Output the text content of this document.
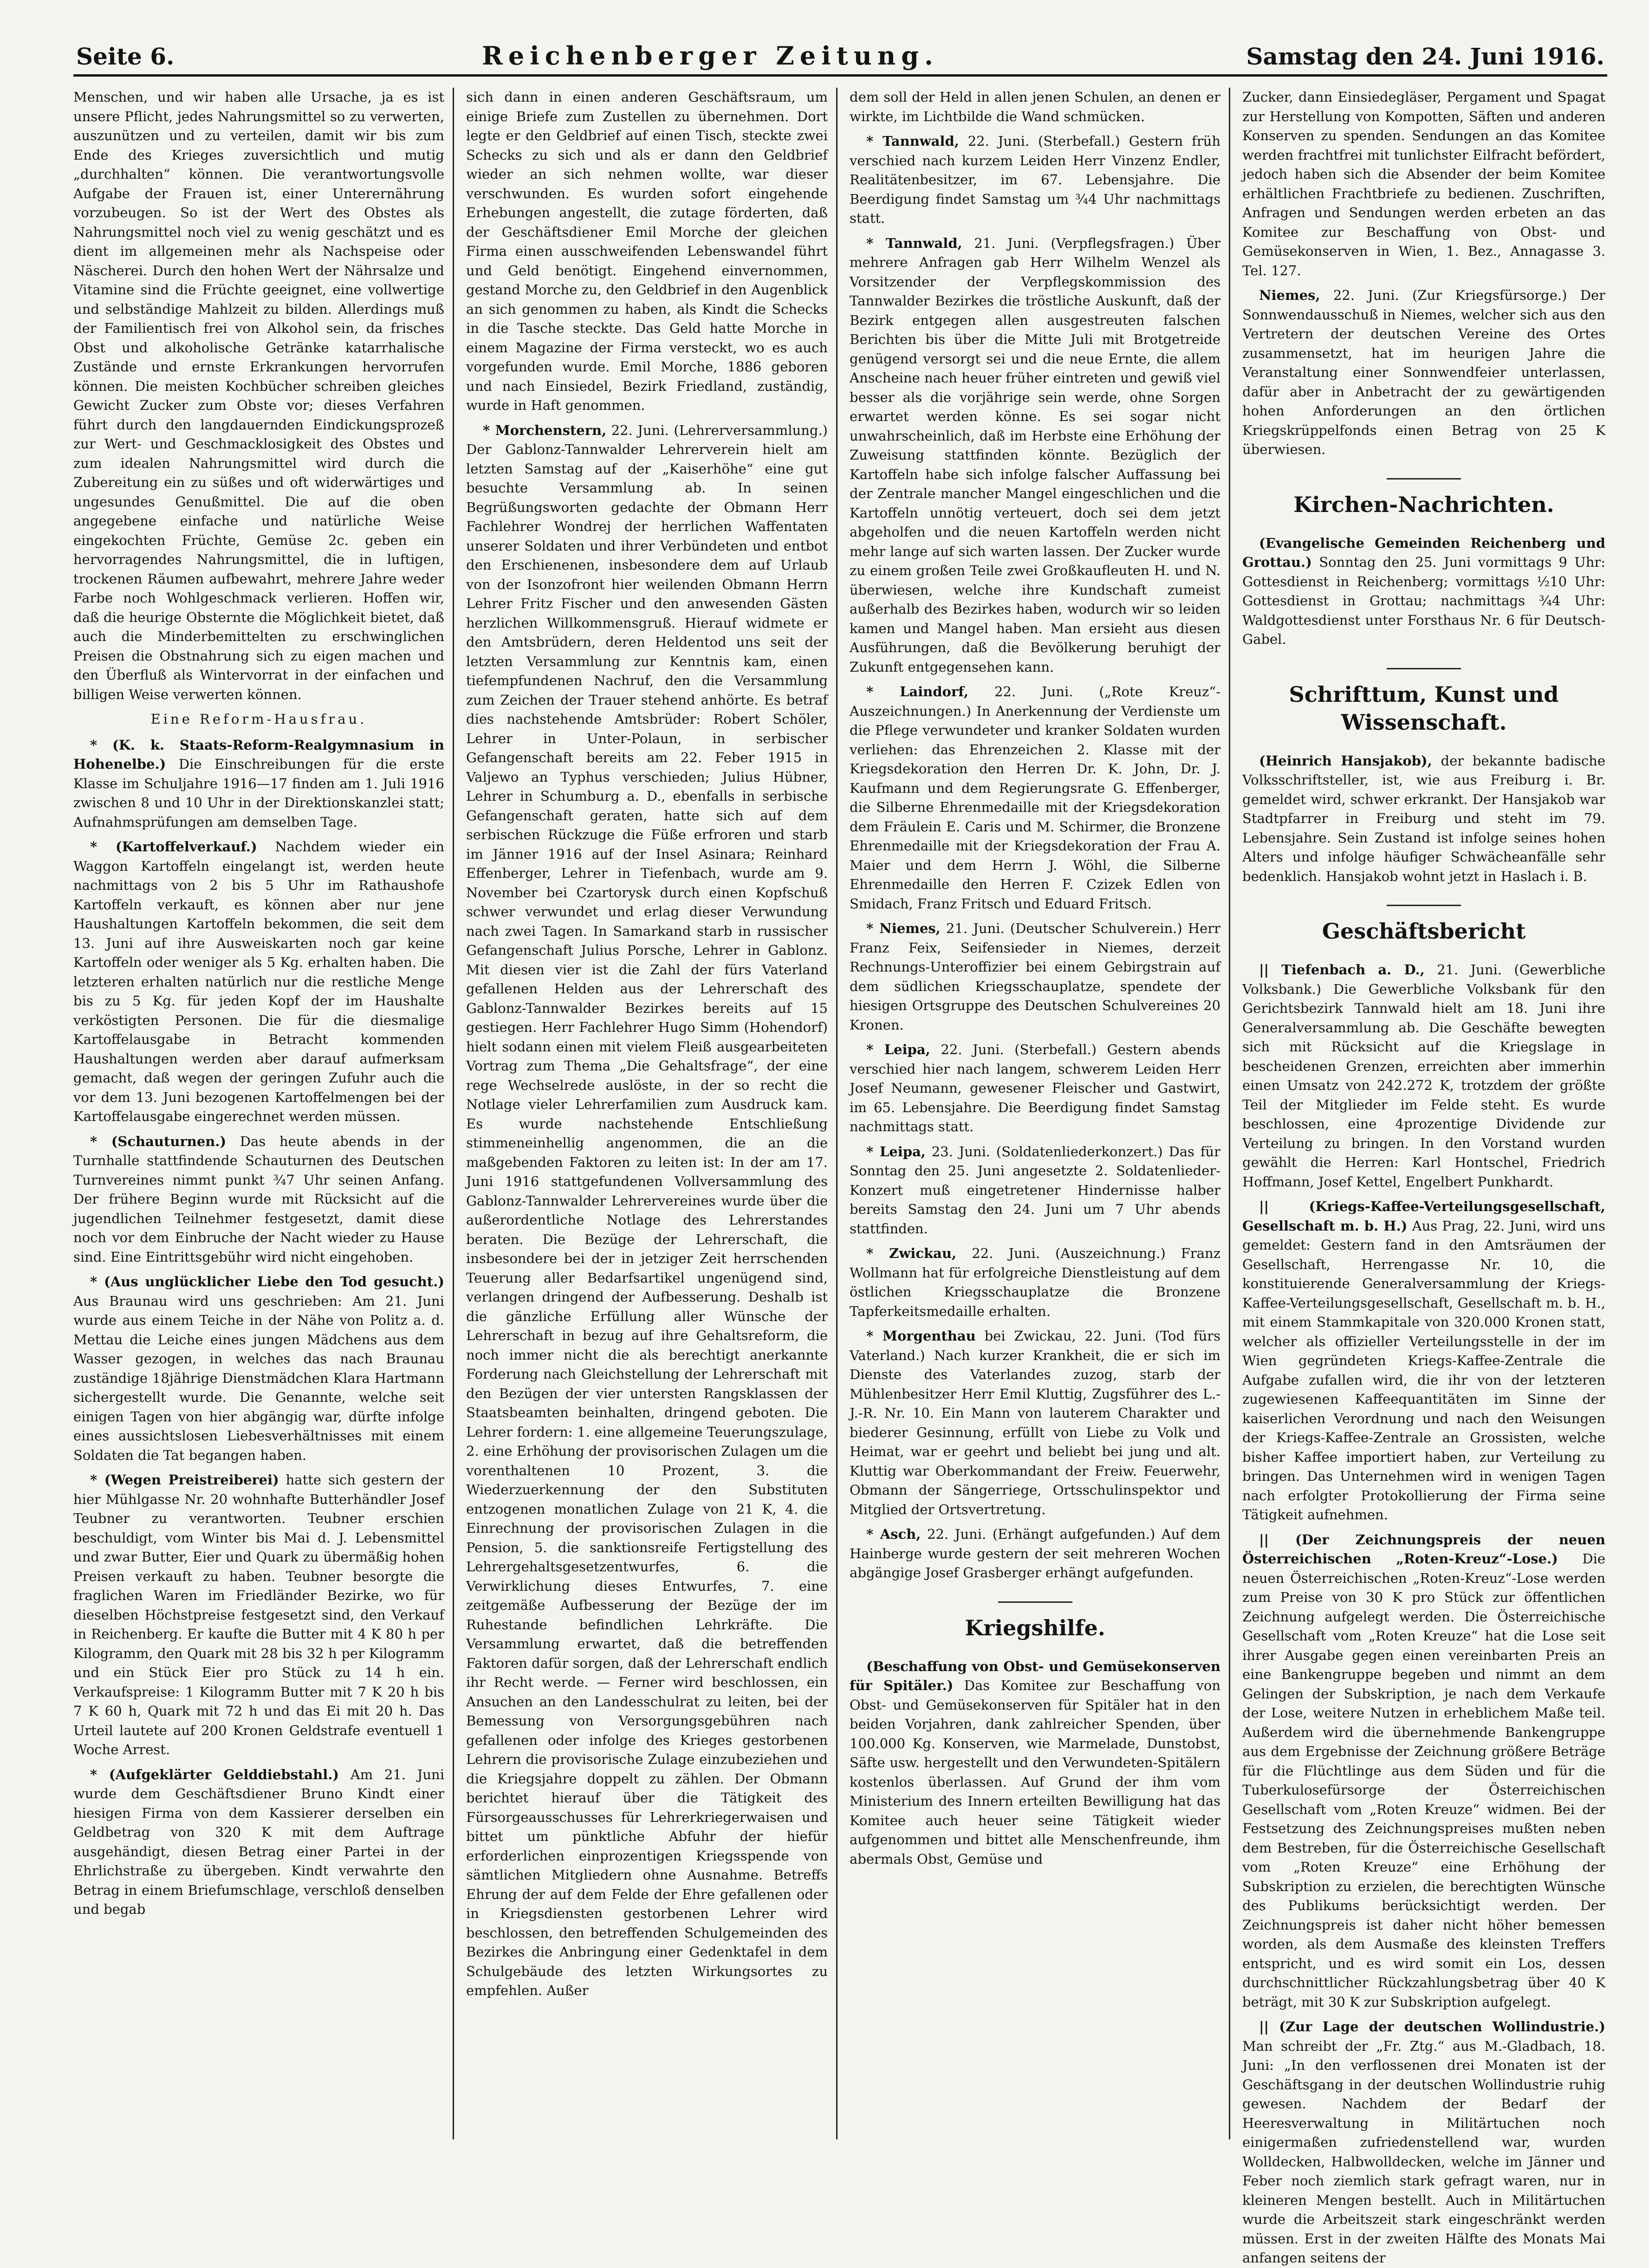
Seite 6.	Reichenberger Zeitung.	Samstag den 24. Juni 1916.

Menschen, und wir haben alle Ursache, ja es ist unsere Pflicht, jedes Nahrungsmittel so zu verwerten, auszunützen und zu verteilen, damit wir bis zum Ende des Krieges zuversichtlich und mutig „durchhalten“ können. Die verantwortungsvolle Aufgabe der Frauen ist, einer Unterernährung vorzubeugen. So ist der Wert des Obstes als Nahrungsmittel noch viel zu wenig geschätzt und es dient im allgemeinen mehr als Nachspeise oder Näscherei. Durch den hohen Wert der Nährsalze und Vitamine sind die Früchte geeignet, eine vollwertige und selbständige Mahlzeit zu bilden. Allerdings muß der Familientisch frei von Alkohol sein, da frisches Obst und alkoholische Getränke katarrhalische Zustände und ernste Erkrankungen hervorrufen können. Die meisten Kochbücher schreiben gleiches Gewicht Zucker zum Obste vor; dieses Verfahren führt durch den langdauernden Eindickungsprozeß zur Wert- und Geschmacklosigkeit des Obstes und zum idealen Nahrungsmittel wird durch die Zubereitung ein zu süßes und oft widerwärtiges und ungesundes Genußmittel. Die auf die oben angegebene einfache und natürliche Weise eingekochten Früchte, Gemüse 2c. geben ein hervorragendes Nahrungsmittel, die in luftigen, trockenen Räumen aufbewahrt, mehrere Jahre weder Farbe noch Wohlgeschmack verlieren. Hoffen wir, daß die heurige Obsternte die Möglichkeit bietet, daß auch die Minderbemittelten zu erschwinglichen Preisen die Obstnahrung sich zu eigen machen und den Überfluß als Wintervorrat in der einfachen und billigen Weise verwerten können.

Eine Reform-Hausfrau.

* (K. k. Staats-Reform-Realgymnasium in Hohenelbe.) Die Einschreibungen für die erste Klasse im Schuljahre 1916—17 finden am 1. Juli 1916 zwischen 8 und 10 Uhr in der Direktionskanzlei statt; Aufnahmsprüfungen am demselben Tage.

* (Kartoffelverkauf.) Nachdem wieder ein Waggon Kartoffeln eingelangt ist, werden heute nachmittags von 2 bis 5 Uhr im Rathaushofe Kartoffeln verkauft, es können aber nur jene Haushaltungen Kartoffeln bekommen, die seit dem 13. Juni auf ihre Ausweiskarten noch gar keine Kartoffeln oder weniger als 5 Kg. erhalten haben. Die letzteren erhalten natürlich nur die restliche Menge bis zu 5 Kg. für jeden Kopf der im Haushalte verköstigten Personen. Die für die diesmalige Kartoffelausgabe in Betracht kommenden Haushaltungen werden aber darauf aufmerksam gemacht, daß wegen der geringen Zufuhr auch die vor dem 13. Juni bezogenen Kartoffelmengen bei der Kartoffelausgabe eingerechnet werden müssen.

* (Schauturnen.) Das heute abends in der Turnhalle stattfindende Schauturnen des Deutschen Turnvereines nimmt punkt ¾7 Uhr seinen Anfang. Der frühere Beginn wurde mit Rücksicht auf die jugendlichen Teilnehmer festgesetzt, damit diese noch vor dem Einbruche der Nacht wieder zu Hause sind. Eine Eintrittsgebühr wird nicht eingehoben.

* (Aus unglücklicher Liebe den Tod gesucht.) Aus Braunau wird uns geschrieben: Am 21. Juni wurde aus einem Teiche in der Nähe von Politz a. d. Mettau die Leiche eines jungen Mädchens aus dem Wasser gezogen, in welches das nach Braunau zuständige 18jährige Dienstmädchen Klara Hartmann sichergestellt wurde. Die Genannte, welche seit einigen Tagen von hier abgängig war, dürfte infolge eines aussichtslosen Liebesverhältnisses mit einem Soldaten die Tat begangen haben.

* (Wegen Preistreiberei) hatte sich gestern der hier Mühlgasse Nr. 20 wohnhafte Butterhändler Josef Teubner zu verantworten. Teubner erschien beschuldigt, vom Winter bis Mai d. J. Lebensmittel und zwar Butter, Eier und Quark zu übermäßig hohen Preisen verkauft zu haben. Teubner besorgte die fraglichen Waren im Friedländer Bezirke, wo für dieselben Höchstpreise festgesetzt sind, den Verkauf in Reichenberg. Er kaufte die Butter mit 4 K 80 h per Kilogramm, den Quark mit 28 bis 32 h per Kilogramm und ein Stück Eier pro Stück zu 14 h ein. Verkaufspreise: 1 Kilogramm Butter mit 7 K 20 h bis 7 K 60 h, Quark mit 72 h und das Ei mit 20 h. Das Urteil lautete auf 200 Kronen Geldstrafe eventuell 1 Woche Arrest.

* (Aufgeklärter Gelddiebstahl.) Am 21. Juni wurde dem Geschäftsdiener Bruno Kindt einer hiesigen Firma von dem Kassierer derselben ein Geldbetrag von 320 K mit dem Auftrage ausgehändigt, diesen Betrag einer Partei in der Ehrlichstraße zu übergeben. Kindt verwahrte den Betrag in einem Briefumschlage, verschloß denselben und begab

sich dann in einen anderen Geschäftsraum, um einige Briefe zum Zustellen zu übernehmen. Dort legte er den Geldbrief auf einen Tisch, steckte zwei Schecks zu sich und als er dann den Geldbrief wieder an sich nehmen wollte, war dieser verschwunden. Es wurden sofort eingehende Erhebungen angestellt, die zutage förderten, daß der Geschäftsdiener Emil Morche der gleichen Firma einen ausschweifenden Lebenswandel führt und Geld benötigt. Eingehend einvernommen, gestand Morche zu, den Geldbrief in den Augenblick an sich genommen zu haben, als Kindt die Schecks in die Tasche steckte. Das Geld hatte Morche in einem Magazine der Firma versteckt, wo es auch vorgefunden wurde. Emil Morche, 1886 geboren und nach Einsiedel, Bezirk Friedland, zuständig, wurde in Haft genommen.

* Morchenstern, 22. Juni. (Lehrerversammlung.) Der Gablonz-Tannwalder Lehrerverein hielt am letzten Samstag auf der „Kaiserhöhe“ eine gut besuchte Versammlung ab. In seinen Begrüßungsworten gedachte der Obmann Herr Fachlehrer Wondrej der herrlichen Waffentaten unserer Soldaten und ihrer Verbündeten und entbot den Erschienenen, insbesondere dem auf Urlaub von der Isonzofront hier weilenden Obmann Herrn Lehrer Fritz Fischer und den anwesenden Gästen herzlichen Willkommensgruß. Hierauf widmete er den Amtsbrüdern, deren Heldentod uns seit der letzten Versammlung zur Kenntnis kam, einen tiefempfundenen Nachruf, den die Versammlung zum Zeichen der Trauer stehend anhörte. Es betraf dies nachstehende Amtsbrüder: Robert Schöler, Lehrer in Unter-Polaun, in serbischer Gefangenschaft bereits am 22. Feber 1915 in Valjewo an Typhus verschieden; Julius Hübner, Lehrer in Schumburg a. D., ebenfalls in serbische Gefangenschaft geraten, hatte sich auf dem serbischen Rückzuge die Füße erfroren und starb im Jänner 1916 auf der Insel Asinara; Reinhard Effenberger, Lehrer in Tiefenbach, wurde am 9. November bei Czartorysk durch einen Kopfschuß schwer verwundet und erlag dieser Verwundung nach zwei Tagen. In Samarkand starb in russischer Gefangenschaft Julius Porsche, Lehrer in Gablonz. Mit diesen vier ist die Zahl der fürs Vaterland gefallenen Helden aus der Lehrerschaft des Gablonz-Tannwalder Bezirkes bereits auf 15 gestiegen. Herr Fachlehrer Hugo Simm (Hohendorf) hielt sodann einen mit vielem Fleiß ausgearbeiteten Vortrag zum Thema „Die Gehaltsfrage“, der eine rege Wechselrede auslöste, in der so recht die Notlage vieler Lehrerfamilien zum Ausdruck kam. Es wurde nachstehende Entschließung stimmeneinhellig angenommen, die an die maßgebenden Faktoren zu leiten ist: In der am 17. Juni 1916 stattgefundenen Vollversammlung des Gablonz-Tannwalder Lehrervereines wurde über die außerordentliche Notlage des Lehrerstandes beraten. Die Bezüge der Lehrerschaft, die insbesondere bei der in jetziger Zeit herrschenden Teuerung aller Bedarfsartikel ungenügend sind, verlangen dringend der Aufbesserung. Deshalb ist die gänzliche Erfüllung aller Wünsche der Lehrerschaft in bezug auf ihre Gehaltsreform, die noch immer nicht die als berechtigt anerkannte Forderung nach Gleichstellung der Lehrerschaft mit den Bezügen der vier untersten Rangsklassen der Staatsbeamten beinhalten, dringend geboten. Die Lehrer fordern: 1. eine allgemeine Teuerungszulage, 2. eine Erhöhung der provisorischen Zulagen um die vorenthaltenen 10 Prozent, 3. die Wiederzuerkennung der den Substituten entzogenen monatlichen Zulage von 21 K, 4. die Einrechnung der provisorischen Zulagen in die Pension, 5. die sanktionsreife Fertigstellung des Lehrergehaltsgesetzentwurfes, 6. die Verwirklichung dieses Entwurfes, 7. eine zeitgemäße Aufbesserung der Bezüge der im Ruhestande befindlichen Lehrkräfte. Die Versammlung erwartet, daß die betreffenden Faktoren dafür sorgen, daß der Lehrerschaft endlich ihr Recht werde. — Ferner wird beschlossen, ein Ansuchen an den Landesschulrat zu leiten, bei der Bemessung von Versorgungsgebühren nach gefallenen oder infolge des Krieges gestorbenen Lehrern die provisorische Zulage einzubeziehen und die Kriegsjahre doppelt zu zählen. Der Obmann berichtet hierauf über die Tätigkeit des Fürsorgeausschusses für Lehrerkriegerwaisen und bittet um pünktliche Abfuhr der hiefür erforderlichen einprozentigen Kriegsspende von sämtlichen Mitgliedern ohne Ausnahme. Betreffs Ehrung der auf dem Felde der Ehre gefallenen oder in Kriegsdiensten gestorbenen Lehrer wird beschlossen, den betreffenden Schulgemeinden des Bezirkes die Anbringung einer Gedenktafel in dem Schulgebäude des letzten Wirkungsortes zu empfehlen. Außer

dem soll der Held in allen jenen Schulen, an denen er wirkte, im Lichtbilde die Wand schmücken.

* Tannwald, 22. Juni. (Sterbefall.) Gestern früh verschied nach kurzem Leiden Herr Vinzenz Endler, Realitätenbesitzer, im 67. Lebensjahre. Die Beerdigung findet Samstag um ¾4 Uhr nachmittags statt.

* Tannwald, 21. Juni. (Verpflegsfragen.) Über mehrere Anfragen gab Herr Wilhelm Wenzel als Vorsitzender der Verpflegskommission des Tannwalder Bezirkes die tröstliche Auskunft, daß der Bezirk entgegen allen ausgestreuten falschen Berichten bis über die Mitte Juli mit Brotgetreide genügend versorgt sei und die neue Ernte, die allem Anscheine nach heuer früher eintreten und gewiß viel besser als die vorjährige sein werde, ohne Sorgen erwartet werden könne. Es sei sogar nicht unwahrscheinlich, daß im Herbste eine Erhöhung der Zuweisung stattfinden könnte. Bezüglich der Kartoffeln habe sich infolge falscher Auffassung bei der Zentrale mancher Mangel eingeschlichen und die Kartoffeln unnötig verteuert, doch sei dem jetzt abgeholfen und die neuen Kartoffeln werden nicht mehr lange auf sich warten lassen. Der Zucker wurde zu einem großen Teile zwei Großkaufleuten H. und N. überwiesen, welche ihre Kundschaft zumeist außerhalb des Bezirkes haben, wodurch wir so leiden kamen und Mangel haben. Man ersieht aus diesen Ausführungen, daß die Bevölkerung beruhigt der Zukunft entgegensehen kann.

* Laindorf, 22. Juni. („Rote Kreuz“-Auszeichnungen.) In Anerkennung der Verdienste um die Pflege verwundeter und kranker Soldaten wurden verliehen: das Ehrenzeichen 2. Klasse mit der Kriegsdekoration den Herren Dr. K. John, Dr. J. Kaufmann und dem Regierungsrate G. Effenberger, die Silberne Ehrenmedaille mit der Kriegsdekoration dem Fräulein E. Caris und M. Schirmer, die Bronzene Ehrenmedaille mit der Kriegsdekoration der Frau A. Maier und dem Herrn J. Wöhl, die Silberne Ehrenmedaille den Herren F. Czizek Edlen von Smidach, Franz Fritsch und Eduard Fritsch.

* Niemes, 21. Juni. (Deutscher Schulverein.) Herr Franz Feix, Seifensieder in Niemes, derzeit Rechnungs-Unteroffizier bei einem Gebirgstrain auf dem südlichen Kriegsschauplatze, spendete der hiesigen Ortsgruppe des Deutschen Schulvereines 20 Kronen.

* Leipa, 22. Juni. (Sterbefall.) Gestern abends verschied hier nach langem, schwerem Leiden Herr Josef Neumann, gewesener Fleischer und Gastwirt, im 65. Lebensjahre. Die Beerdigung findet Samstag nachmittags statt.

* Leipa, 23. Juni. (Soldatenliederkonzert.) Das für Sonntag den 25. Juni angesetzte 2. Soldatenlieder-Konzert muß eingetretener Hindernisse halber bereits Samstag den 24. Juni um 7 Uhr abends stattfinden.

* Zwickau, 22. Juni. (Auszeichnung.) Franz Wollmann hat für erfolgreiche Dienstleistung auf dem östlichen Kriegsschauplatze die Bronzene Tapferkeitsmedaille erhalten.

* Morgenthau bei Zwickau, 22. Juni. (Tod fürs Vaterland.) Nach kurzer Krankheit, die er sich im Dienste des Vaterlandes zuzog, starb der Mühlenbesitzer Herr Emil Kluttig, Zugsführer des L.-J.-R. Nr. 10. Ein Mann von lauterem Charakter und biederer Gesinnung, erfüllt von Liebe zu Volk und Heimat, war er geehrt und beliebt bei jung und alt. Kluttig war Oberkommandant der Freiw. Feuerwehr, Obmann der Sängerriege, Ortsschulinspektor und Mitglied der Ortsvertretung.

* Asch, 22. Juni. (Erhängt aufgefunden.) Auf dem Hainberge wurde gestern der seit mehreren Wochen abgängige Josef Grasberger erhängt aufgefunden.

Kriegshilfe.

(Beschaffung von Obst- und Gemüsekonserven für Spitäler.) Das Komitee zur Beschaffung von Obst- und Gemüsekonserven für Spitäler hat in den beiden Vorjahren, dank zahlreicher Spenden, über 100.000 Kg. Konserven, wie Marmelade, Dunstobst, Säfte usw. hergestellt und den Verwundeten-Spitälern kostenlos überlassen. Auf Grund der ihm vom Ministerium des Innern erteilten Bewilligung hat das Komitee auch heuer seine Tätigkeit wieder aufgenommen und bittet alle Menschenfreunde, ihm abermals Obst, Gemüse und

Zucker, dann Einsiedegläser, Pergament und Spagat zur Herstellung von Kompotten, Säften und anderen Konserven zu spenden. Sendungen an das Komitee werden frachtfrei mit tunlichster Eilfracht befördert, jedoch haben sich die Absender der beim Komitee erhältlichen Frachtbriefe zu bedienen. Zuschriften, Anfragen und Sendungen werden erbeten an das Komitee zur Beschaffung von Obst- und Gemüsekonserven in Wien, 1. Bez., Annagasse 3. Tel. 127.

Niemes, 22. Juni. (Zur Kriegsfürsorge.) Der Sonnwendausschuß in Niemes, welcher sich aus den Vertretern der deutschen Vereine des Ortes zusammensetzt, hat im heurigen Jahre die Veranstaltung einer Sonnwendfeier unterlassen, dafür aber in Anbetracht der zu gewärtigenden hohen Anforderungen an den örtlichen Kriegskrüppelfonds einen Betrag von 25 K überwiesen.

Kirchen-Nachrichten.

(Evangelische Gemeinden Reichenberg und Grottau.) Sonntag den 25. Juni vormittags 9 Uhr: Gottesdienst in Reichenberg; vormittags ½10 Uhr: Gottesdienst in Grottau; nachmittags ¾4 Uhr: Waldgottesdienst unter Forsthaus Nr. 6 für Deutsch-Gabel.

Schrifttum, Kunst und Wissenschaft.

(Heinrich Hansjakob), der bekannte badische Volksschriftsteller, ist, wie aus Freiburg i. Br. gemeldet wird, schwer erkrankt. Der Hansjakob war Stadtpfarrer in Freiburg und steht im 79. Lebensjahre. Sein Zustand ist infolge seines hohen Alters und infolge häufiger Schwächeanfälle sehr bedenklich. Hansjakob wohnt jetzt in Haslach i. B.

Geschäftsbericht

|| Tiefenbach a. D., 21. Juni. (Gewerbliche Volksbank.) Die Gewerbliche Volksbank für den Gerichtsbezirk Tannwald hielt am 18. Juni ihre Generalversammlung ab. Die Geschäfte bewegten sich mit Rücksicht auf die Kriegslage in bescheidenen Grenzen, erreichten aber immerhin einen Umsatz von 242.272 K, trotzdem der größte Teil der Mitglieder im Felde steht. Es wurde beschlossen, eine 4prozentige Dividende zur Verteilung zu bringen. In den Vorstand wurden gewählt die Herren: Karl Hontschel, Friedrich Hoffmann, Josef Kettel, Engelbert Punkhardt.

|| (Kriegs-Kaffee-Verteilungsgesellschaft, Gesellschaft m. b. H.) Aus Prag, 22. Juni, wird uns gemeldet: Gestern fand in den Amtsräumen der Gesellschaft, Herrengasse Nr. 10, die konstituierende Generalversammlung der Kriegs-Kaffee-Verteilungsgesellschaft, Gesellschaft m. b. H., mit einem Stammkapitale von 320.000 Kronen statt, welcher als offizieller Verteilungsstelle in der im Wien gegründeten Kriegs-Kaffee-Zentrale die Aufgabe zufallen wird, die ihr von der letzteren zugewiesenen Kaffeequantitäten im Sinne der kaiserlichen Verordnung und nach den Weisungen der Kriegs-Kaffee-Zentrale an Grossisten, welche bisher Kaffee importiert haben, zur Verteilung zu bringen. Das Unternehmen wird in wenigen Tagen nach erfolgter Protokollierung der Firma seine Tätigkeit aufnehmen.

|| (Der Zeichnungspreis der neuen Österreichischen „Roten-Kreuz“-Lose.) Die neuen Österreichischen „Roten-Kreuz“-Lose werden zum Preise von 30 K pro Stück zur öffentlichen Zeichnung aufgelegt werden. Die Österreichische Gesellschaft vom „Roten Kreuze“ hat die Lose seit ihrer Ausgabe gegen einen vereinbarten Preis an eine Bankengruppe begeben und nimmt an dem Gelingen der Subskription, je nach dem Verkaufe der Lose, weitere Nutzen in erheblichem Maße teil. Außerdem wird die übernehmende Bankengruppe aus dem Ergebnisse der Zeichnung größere Beträge für die Flüchtlinge aus dem Süden und für die Tuberkulosefürsorge der Österreichischen Gesellschaft vom „Roten Kreuze“ widmen. Bei der Festsetzung des Zeichnungspreises mußten neben dem Bestreben, für die Österreichische Gesellschaft vom „Roten Kreuze“ eine Erhöhung der Subskription zu erzielen, die berechtigten Wünsche des Publikums berücksichtigt werden. Der Zeichnungspreis ist daher nicht höher bemessen worden, als dem Ausmaße des kleinsten Treffers entspricht, und es wird somit ein Los, dessen durchschnittlicher Rückzahlungsbetrag über 40 K beträgt, mit 30 K zur Subskription aufgelegt.

|| (Zur Lage der deutschen Wollindustrie.) Man schreibt der „Fr. Ztg.“ aus M.-Gladbach, 18. Juni: „In den verflossenen drei Monaten ist der Geschäftsgang in der deutschen Wollindustrie ruhig gewesen. Nachdem der Bedarf der Heeresverwaltung in Militärtuchen noch einigermaßen zufriedenstellend war, wurden Wolldecken, Halbwolldecken, welche im Jänner und Feber noch ziemlich stark gefragt waren, nur in kleineren Mengen bestellt. Auch in Militärtuchen wurde die Arbeitszeit stark eingeschränkt werden müssen. Erst in der zweiten Hälfte des Monats Mai anfangen seitens der
